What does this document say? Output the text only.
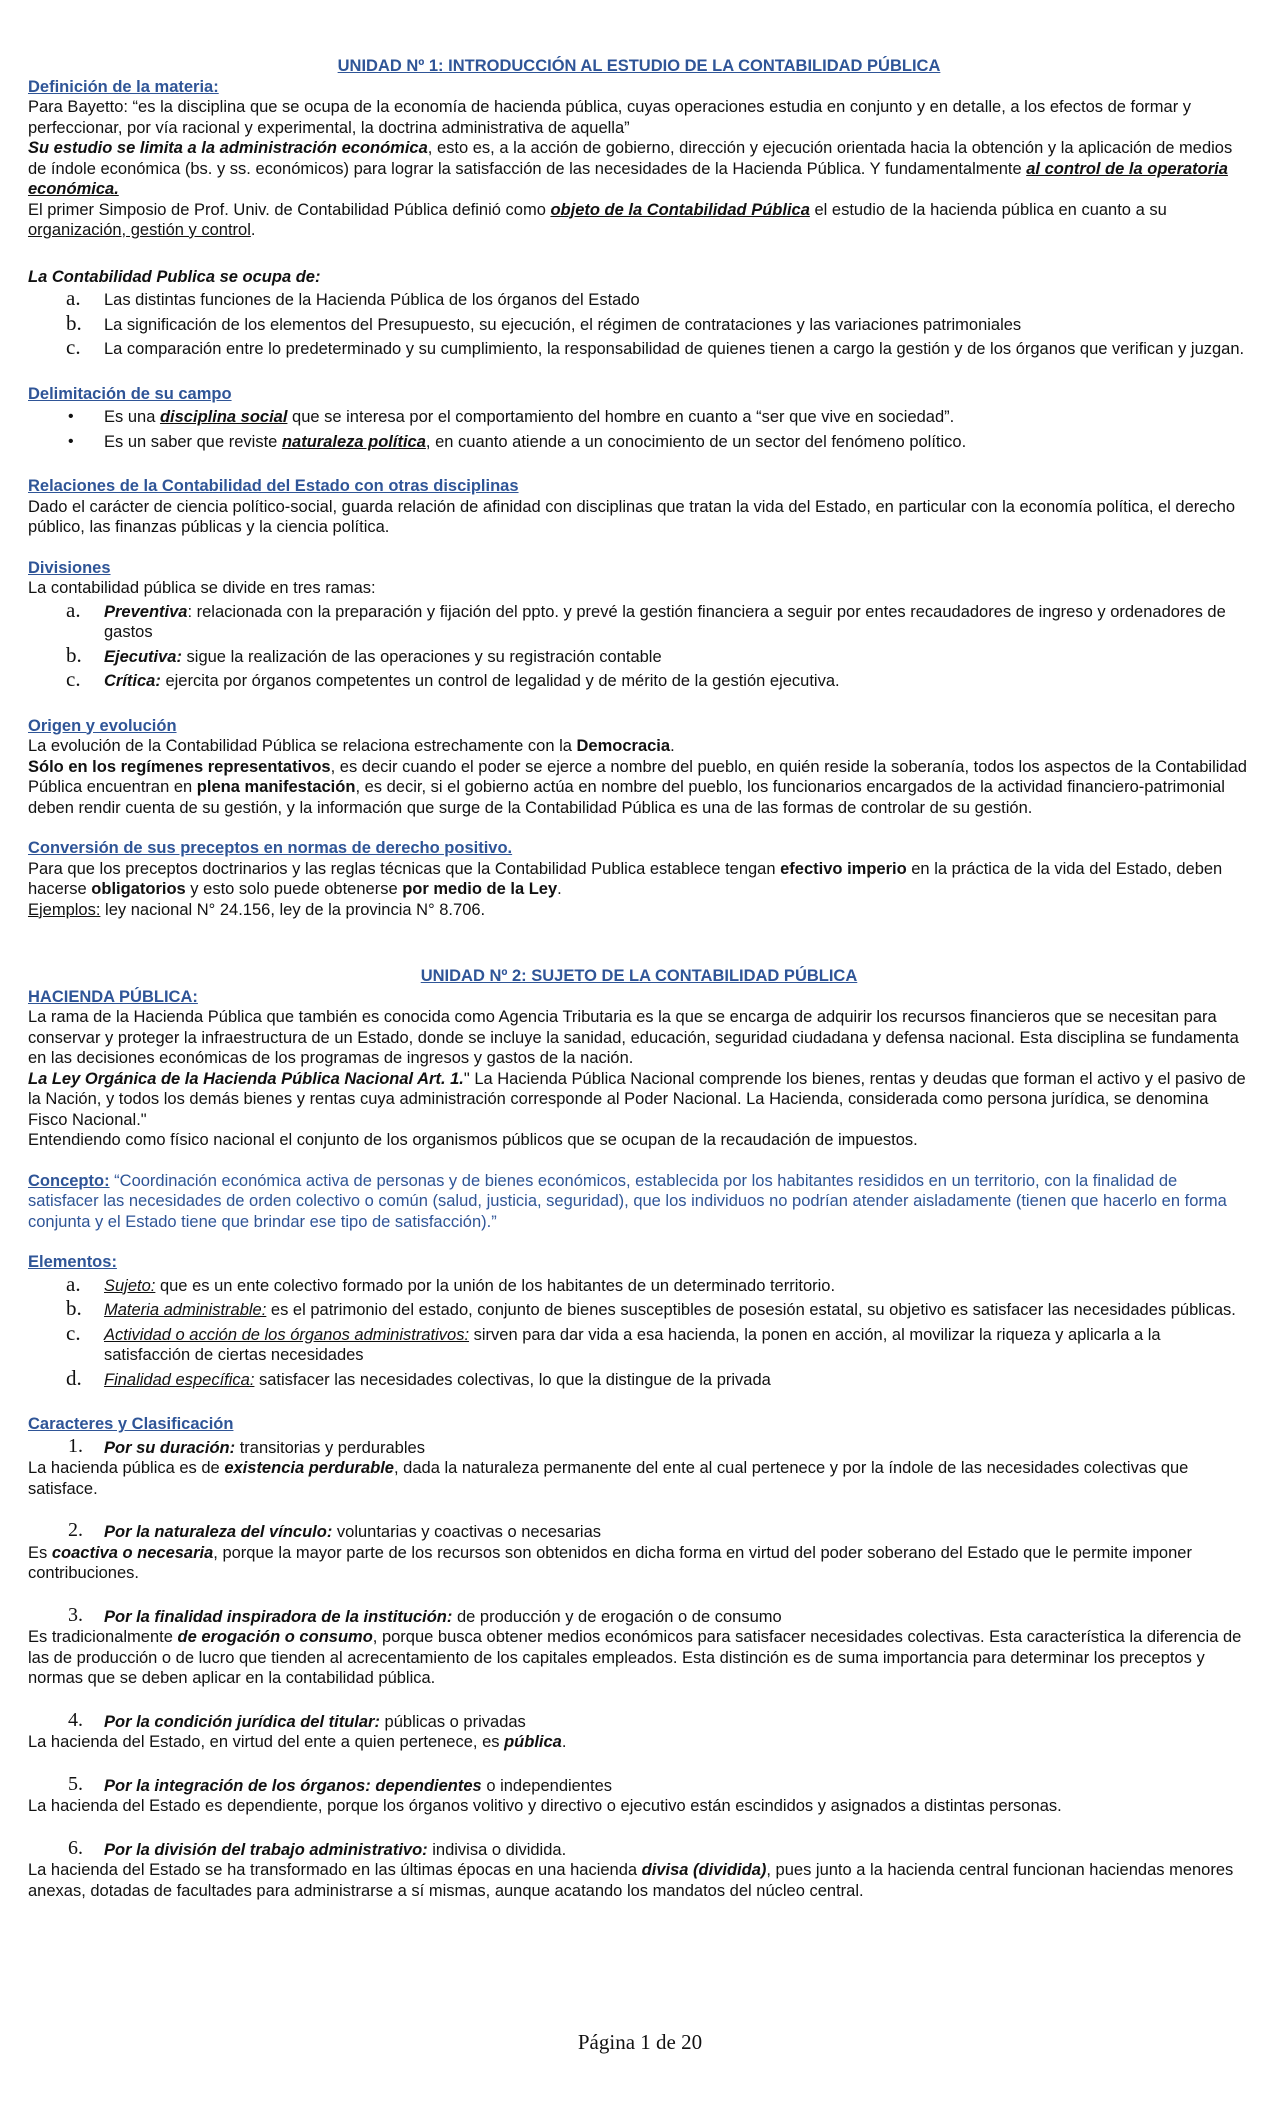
UNIDAD Nº 1: INTRODUCCIÓN AL ESTUDIO DE LA CONTABILIDAD PÚBLICA

Definición de la materia:

Para Bayetto: “es la disciplina que se ocupa de la economía de hacienda pública, cuyas operaciones estudia en conjunto y en detalle, a los efectos de formar y perfeccionar, por vía racional y experimental, la doctrina administrativa de aquella”

Su estudio se limita a la administración económica, esto es, a la acción de gobierno, dirección y ejecución orientada hacia la obtención y la aplicación de medios de índole económica (bs. y ss. económicos) para lograr la satisfacción de las necesidades de la Hacienda Pública. Y fundamentalmente al control de la operatoria económica.

El primer Simposio de Prof. Univ. de Contabilidad Pública definió como objeto de la Contabilidad Pública el estudio de la hacienda pública en cuanto a su organización, gestión y control.

La Contabilidad Publica se ocupa de:

a.	Las distintas funciones de la Hacienda Pública de los órganos del Estado
b.	La significación de los elementos del Presupuesto, su ejecución, el régimen de contrataciones y las variaciones patrimoniales
c.	La comparación entre lo predeterminado y su cumplimiento, la responsabilidad de quienes tienen a cargo la gestión y de los órganos que verifican y juzgan.

Delimitación de su campo

• Es una disciplina social que se interesa por el comportamiento del hombre en cuanto a “ser que vive en sociedad”.
• Es un saber que reviste naturaleza política, en cuanto atiende a un conocimiento de un sector del fenómeno político.

Relaciones de la Contabilidad del Estado con otras disciplinas

Dado el carácter de ciencia político-social, guarda relación de afinidad con disciplinas que tratan la vida del Estado, en particular con la economía política, el derecho público, las finanzas públicas y la ciencia política.

Divisiones

La contabilidad pública se divide en tres ramas:

a.	Preventiva: relacionada con la preparación y fijación del ppto. y prevé la gestión financiera a seguir por entes recaudadores de ingreso y ordenadores de gastos
b.	Ejecutiva: sigue la realización de las operaciones y su registración contable
c.	Crítica: ejercita por órganos competentes un control de legalidad y de mérito de la gestión ejecutiva.

Origen y evolución

La evolución de la Contabilidad Pública se relaciona estrechamente con la Democracia.

Sólo en los regímenes representativos, es decir cuando el poder se ejerce a nombre del pueblo, en quién reside la soberanía, todos los aspectos de la Contabilidad Pública encuentran en plena manifestación, es decir, si el gobierno actúa en nombre del pueblo, los funcionarios encargados de la actividad financiero-patrimonial deben rendir cuenta de su gestión, y la información que surge de la Contabilidad Pública es una de las formas de controlar de su gestión.

Conversión de sus preceptos en normas de derecho positivo.

Para que los preceptos doctrinarios y las reglas técnicas que la Contabilidad Publica establece tengan efectivo imperio en la práctica de la vida del Estado, deben hacerse obligatorios y esto solo puede obtenerse por medio de la Ley.

Ejemplos: ley nacional N° 24.156, ley de la provincia N° 8.706.

UNIDAD Nº 2: SUJETO DE LA CONTABILIDAD PÚBLICA

HACIENDA PÚBLICA:

La rama de la Hacienda Pública que también es conocida como Agencia Tributaria es la que se encarga de adquirir los recursos financieros que se necesitan para conservar y proteger la infraestructura de un Estado, donde se incluye la sanidad, educación, seguridad ciudadana y defensa nacional. Esta disciplina se fundamenta en las decisiones económicas de los programas de ingresos y gastos de la nación.

La Ley Orgánica de la Hacienda Pública Nacional Art. 1." La Hacienda Pública Nacional comprende los bienes, rentas y deudas que forman el activo y el pasivo de la Nación, y todos los demás bienes y rentas cuya administración corresponde al Poder Nacional. La Hacienda, considerada como persona jurídica, se denomina Fisco Nacional."

Entendiendo como físico nacional el conjunto de los organismos públicos que se ocupan de la recaudación de impuestos.

Concepto: “Coordinación económica activa de personas y de bienes económicos, establecida por los habitantes resididos en un territorio, con la finalidad de satisfacer las necesidades de orden colectivo o común (salud, justicia, seguridad), que los individuos no podrían atender aisladamente (tienen que hacerlo en forma conjunta y el Estado tiene que brindar ese tipo de satisfacción).”

Elementos:

a.	Sujeto: que es un ente colectivo formado por la unión de los habitantes de un determinado territorio.
b.	Materia administrable: es el patrimonio del estado, conjunto de bienes susceptibles de posesión estatal, su objetivo es satisfacer las necesidades públicas.
c.	Actividad o acción de los órganos administrativos: sirven para dar vida a esa hacienda, la ponen en acción, al movilizar la riqueza y aplicarla a la satisfacción de ciertas necesidades
d.	Finalidad específica: satisfacer las necesidades colectivas, lo que la distingue de la privada

Caracteres y Clasificación

1. Por su duración: transitorias y perdurables

La hacienda pública es de existencia perdurable, dada la naturaleza permanente del ente al cual pertenece y por la índole de las necesidades colectivas que satisface.

2. Por la naturaleza del vínculo: voluntarias y coactivas o necesarias

Es coactiva o necesaria, porque la mayor parte de los recursos son obtenidos en dicha forma en virtud del poder soberano del Estado que le permite imponer contribuciones.

3. Por la finalidad inspiradora de la institución: de producción y de erogación o de consumo

Es tradicionalmente de erogación o consumo, porque busca obtener medios económicos para satisfacer necesidades colectivas. Esta característica la diferencia de las de producción o de lucro que tienden al acrecentamiento de los capitales empleados. Esta distinción es de suma importancia para determinar los preceptos y normas que se deben aplicar en la contabilidad pública.

4. Por la condición jurídica del titular: públicas o privadas

La hacienda del Estado, en virtud del ente a quien pertenece, es pública.

5. Por la integración de los órganos: dependientes o independientes

La hacienda del Estado es dependiente, porque los órganos volitivo y directivo o ejecutivo están escindidos y asignados a distintas personas.

6. Por la división del trabajo administrativo: indivisa o dividida.

La hacienda del Estado se ha transformado en las últimas épocas en una hacienda divisa (dividida), pues junto a la hacienda central funcionan haciendas menores anexas, dotadas de facultades para administrarse a sí mismas, aunque acatando los mandatos del núcleo central.

Página 1 de 20
